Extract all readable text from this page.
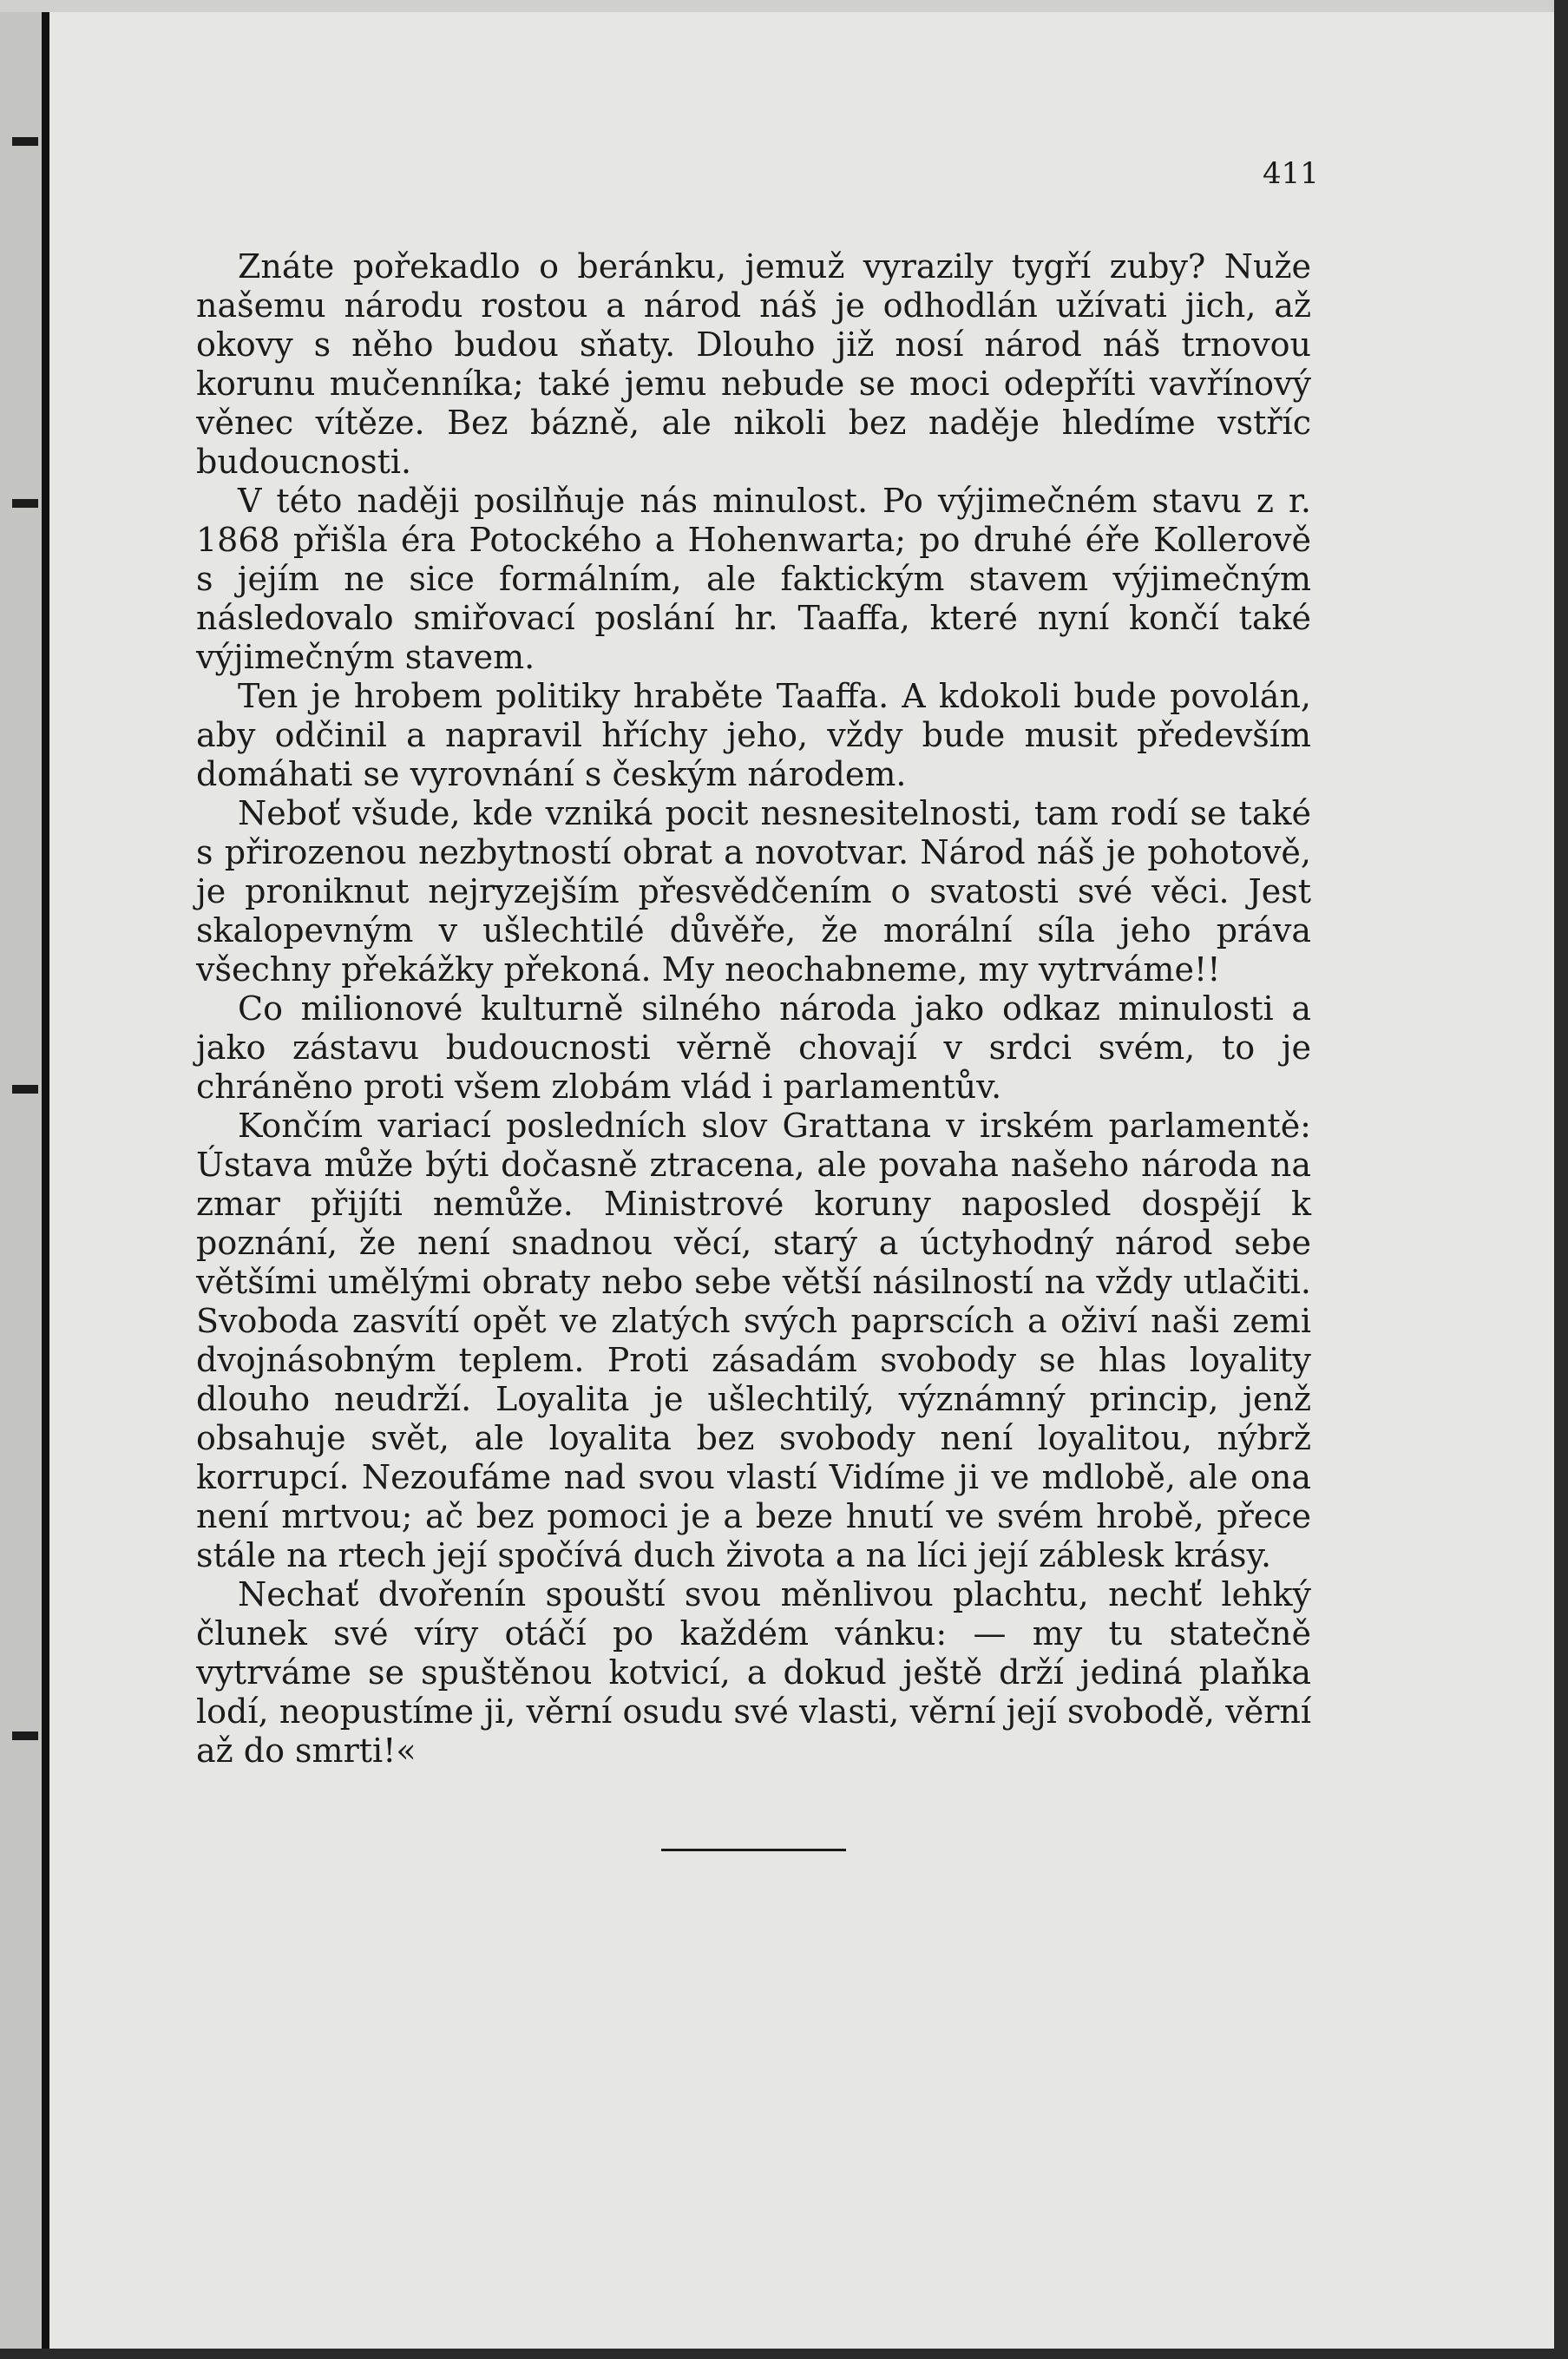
411

Znáte pořekadlo o beránku, jemuž vyrazily tygří zuby? Nuže našemu národu rostou a národ náš je odhodlán užívati jich, až okovy s něho budou sňaty. Dlouho již nosí národ náš trnovou korunu mučenníka; také jemu nebude se moci odepříti vavřínový věnec vítěze. Bez bázně, ale nikoli bez naděje hledíme vstříc budoucnosti.

V této naději posilňuje nás minulost. Po výjimečném stavu z r. 1868 přišla éra Potockého a Hohenwarta; po druhé éře Kollerově s jejím ne sice formálním, ale faktickým stavem výjimečným následovalo smiřovací poslání hr. Taaffa, které nyní končí také výjimečným stavem.

Ten je hrobem politiky hraběte Taaffa. A kdokoli bude povolán, aby odčinil a napravil hříchy jeho, vždy bude musit především domáhati se vyrovnání s českým národem.

Neboť všude, kde vzniká pocit nesnesitelnosti, tam rodí se také s přirozenou nezbytností obrat a novotvar. Národ náš je pohotově, je proniknut nejryzejším přesvědčením o svatosti své věci. Jest skalopevným v ušlechtilé důvěře, že morální síla jeho práva všechny překážky překoná. My neochabneme, my vytrváme!!

Co milionové kulturně silného národa jako odkaz minulosti a jako zástavu budoucnosti věrně chovají v srdci svém, to je chráněno proti všem zlobám vlád i parlamentův.

Končím variací posledních slov Grattana v irském parlamentě: Ústava může býti dočasně ztracena, ale povaha našeho národa na zmar přijíti nemůže. Ministrové koruny naposled dospějí k poznání, že není snadnou věcí, starý a úctyhodný národ sebe většími umělými obraty nebo sebe větší násilností na vždy utlačiti. Svoboda zasvítí opět ve zlatých svých paprscích a oživí naši zemi dvojnásobným teplem. Proti zásadám svobody se hlas loyality dlouho neudrží. Loyalita je ušlechtilý, význámný princip, jenž obsahuje svět, ale loyalita bez svobody není loyalitou, nýbrž korrupcí. Nezoufáme nad svou vlastí Vidíme ji ve mdlobě, ale ona není mrtvou; ač bez pomoci je a beze hnutí ve svém hrobě, přece stále na rtech její spočívá duch života a na líci její záblesk krásy.

Nechať dvořenín spouští svou měnlivou plachtu, nechť lehký člunek své víry otáčí po každém vánku: — my tu statečně vytrváme se spuštěnou kotvicí, a dokud ještě drží jediná plaňka lodí, neopustíme ji, věrní osudu své vlasti, věrní její svobodě, věrní až do smrti!«
